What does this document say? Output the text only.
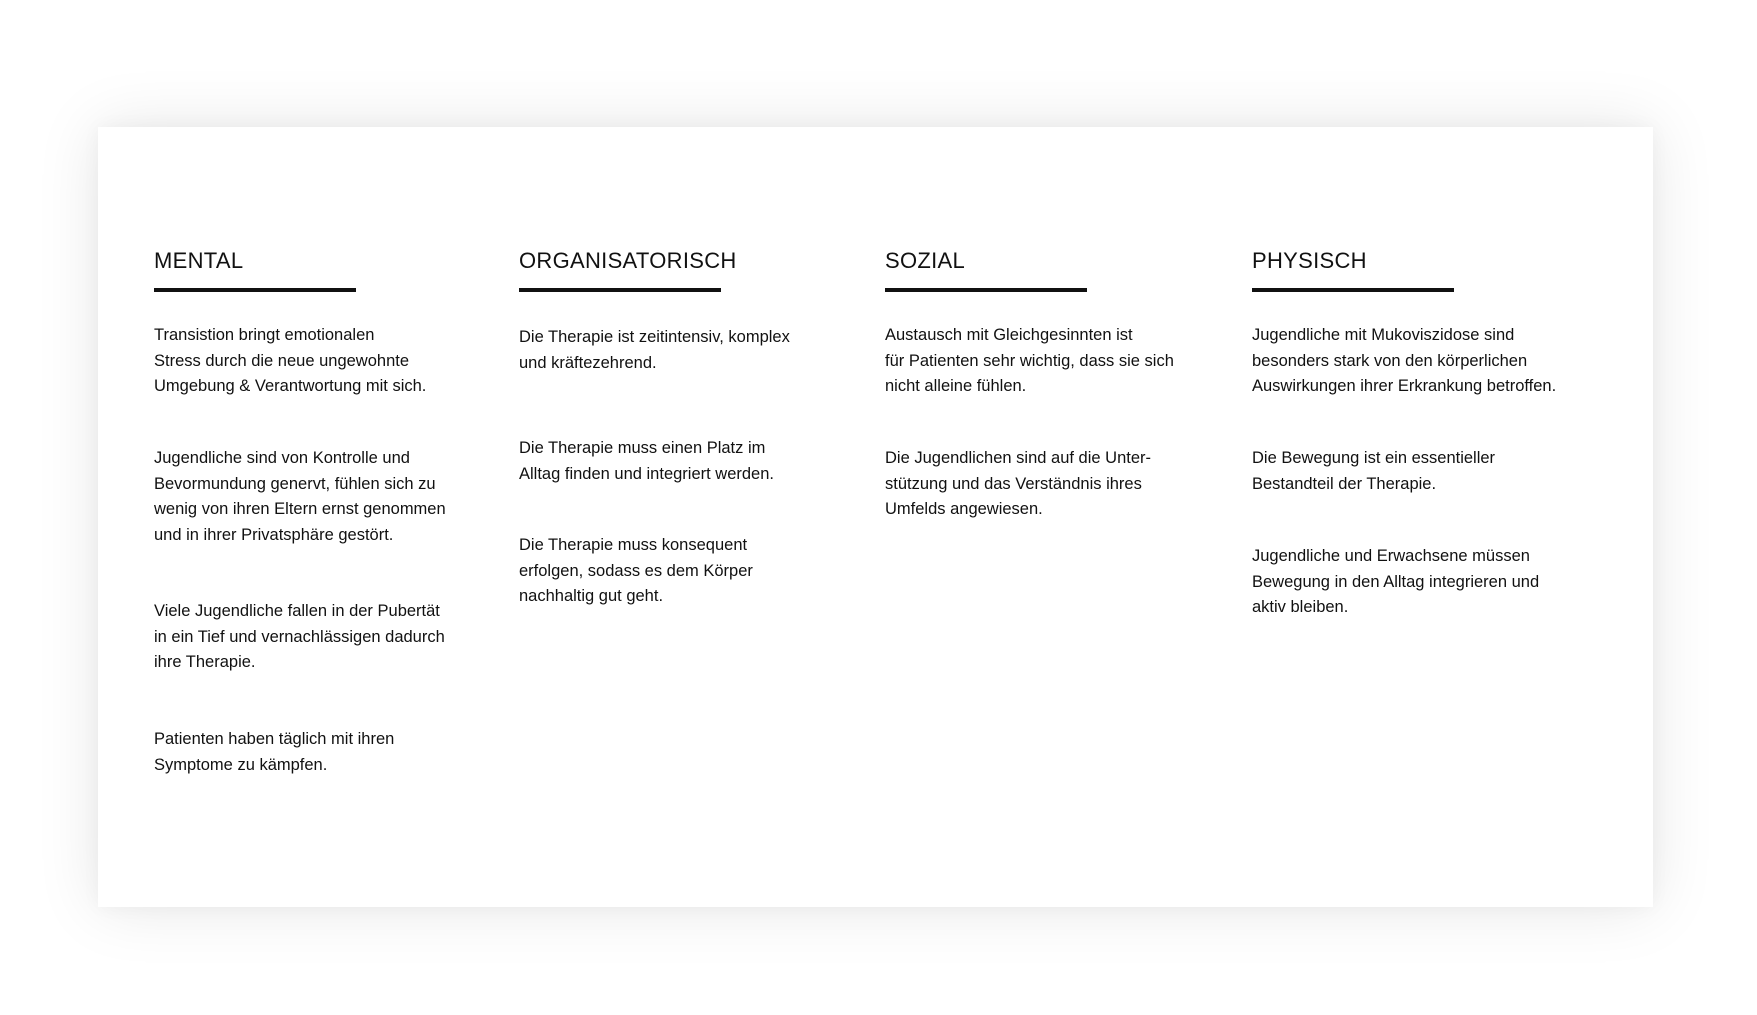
MENTAL

Transistion bringt emotionalen
Stress durch die neue ungewohnte
Umgebung & Verantwortung mit sich.

Jugendliche sind von Kontrolle und
Bevormundung genervt, fühlen sich zu
wenig von ihren Eltern ernst genommen
und in ihrer Privatsphäre gestört.

Viele Jugendliche fallen in der Pubertät
in ein Tief und vernachlässigen dadurch
ihre Therapie.

Patienten haben täglich mit ihren
Symptome zu kämpfen.

ORGANISATORISCH

Die Therapie ist zeitintensiv, komplex
und kräftezehrend.

Die Therapie muss einen Platz im
Alltag finden und integriert werden.

Die Therapie muss konsequent
erfolgen, sodass es dem Körper
nachhaltig gut geht.

SOZIAL

Austausch mit Gleichgesinnten ist
für Patienten sehr wichtig, dass sie sich
nicht alleine fühlen.

Die Jugendlichen sind auf die Unter-
stützung und das Verständnis ihres
Umfelds angewiesen.

PHYSISCH

Jugendliche mit Mukoviszidose sind
besonders stark von den körperlichen
Auswirkungen ihrer Erkrankung betroffen.

Die Bewegung ist ein essentieller
Bestandteil der Therapie.

Jugendliche und Erwachsene müssen
Bewegung in den Alltag integrieren und
aktiv bleiben.
